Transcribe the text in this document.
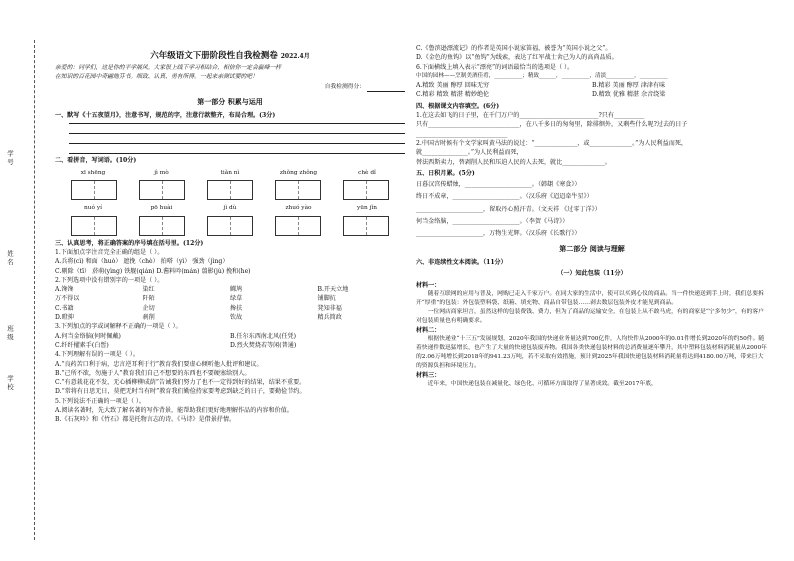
学号
姓名
班级
学校
六年级语文下册阶段性自我检测卷 2022.4月
亲爱的：同学们，这是你的平学展风。大家很上线下学习相结合，相信你一定会赢峰一样
在知识的百花园中奇翩地芬书。细致、认真、勇有所得。一起来亲测试要的吧！
自我检测得分：
第一部分 积累与运用
一、默写《十五夜望月》，注意书写，规范的字，注意行款整齐，布局合理。(3分)
二、看拼音，写词语。(10分)
xī shēng	jì mò	tiǎn nì	zhǒng zhǒng	chè dǐ
nuó yí	pō huài	jì dù	zhuó yào	yūn jǐn
三、认真思考，将正确答案的序号填在括号里。(12分)
1.下面加点字注音完全正确的组是（ ）。
A.兵将(cì) 和面（huò） 遮挽（chè） 拍嗒（yì） 强劲（jìng）
C.剔除（tī） 菸萌(yìng) 铁舰(qián) D.酱料吟(mán) 翦影(jù) 挽和(he)
2.下列选项中没有错别字的一项是（ ）。
A.馋馋	染红	鳏鸠	B.开天立地
万不得以	阡陌	绿草	铺脚抗
C.书籍	企切	搀扶	凳知非福
D.瞪抑	刹削	钦故	精兵简政
3.下列加点的字或词解释不正确的一项是（ ）。
A.何当金络脑(何时佩戴)	B.任尔东西南北风(任凭)
C.纤纤擢素手(白皙)	D.烈火焚烧若等闲(普通)
4.下列理解有误的一项是（ ）。
A.“良药苦口利于病，忠言逆耳利于行”教育我们要虚心倾听他人批评和建议。
B.“己所不欲，勿施于人”教育我们自己不想要的东西也不要硬塞给别人。
C.“有意栽花花不发，无心插柳柳成荫”告诫我们努力了也不一定得到好的结果，结果不重要。
D.“常将有日思无日，莫把无时当有时”教育我们勤俭持家要考虑到缺乏的日子，要勤俭节约。
5.下列说法不正确的一项是（ ）。
A.阅读名著时，先大致了解名著的写作背景，能帮助我们更好地理解作品的内容和价值。
B.《石灰吟》和《竹石》都是托物言志的诗。《马诗》是借景抒情。
C.《鲁滨逊漂流记》的作者是英国小说家笛福，被誉为“英国小说之父”。
D.《金色的鱼钩》以“鱼钩”为线索，表达了红军战士舍己为人的高尚品质。
6.下面横线上填入表示“漂亮”的词语最恰当的选项是（ ）。
中国的园林——烹制美酒佳肴，__________；精致______，__________，清淡__________，__________
A.精致 美丽 醇厚 回味无穷	B.精彩 美丽 醇厚 津津有味
C.精彩 精致 精湛 精妙绝伦	D.精致 优雅 精湛 余音绕梁
四、根据课文内容填空。(6分)
1.在这去如飞的日子里，在千门万户的__________________________?只有__________
只有______________________________，在八千多日的匆匆里，除徘徊外，又剩些什么呢?过去的日子______________________________
2.中国古时候有个文学家叫黄马法的说过：“______________，或______________。”为人民利益而死，
就_______________。”为人民利益而死，
替法西斯卖力，替剥削人民和压迫人民的人去死，就比______________。
五、日积月累。(5分)
日暮汉宫传蜡烛，______________________。（韩翃《寒食》）
终日不成章，______________________。（汉乐府《迢迢牵牛星》）
______________________，留取丹心照汗青。（文天祥 《过零丁洋》）
何当金络脑，______________________。（李贺《马诗》）
______________________，万物生光辉。（汉乐府《长歌行》）
第二部分 阅读与理解
六、非连续性文本阅读。（11分）
（一）知此包装（11分）
材料一：
随着互联网的应用与普及，网购已走入千家万户。在同大家的生活中，使可以买到心仪的商品。当一件快递送到手上时，我们总要拆开“厚重”的包装：外包装塑料袋、纸箱、填充物、商品自带包装……剥去数层包装外皮才能见到商品。
一位网店商家坦言，虽然这样的包装费钱、费力，但为了商品的运输安全，在包装上从不敢马虎，有的商家是“宁多勿少”，有的客户对包装质量也有明确要求。
材料二：
根据快递业“十三五”发展规划，2020年我国的快递业务量达到700亿件，人均快件从2000年的0.01件增长到2020年的约50件。随着快递件数迅猛增长，也产生了大量的快递包装废弃物。我国各类快递包装材料的总消费量逐年攀升，其中塑料包装材料消耗量从2000年的2.06万吨增长到2018年的941.23万吨，若不采取有效措施，预计到2025年我国快递包装材料消耗量将达到4180.00万吨，带来巨大的资源负担和环境压力。
材料三：
近年来，中国快递包装在减量化、绿色化、可循环方面取得了显著成效。截至2017年底，
